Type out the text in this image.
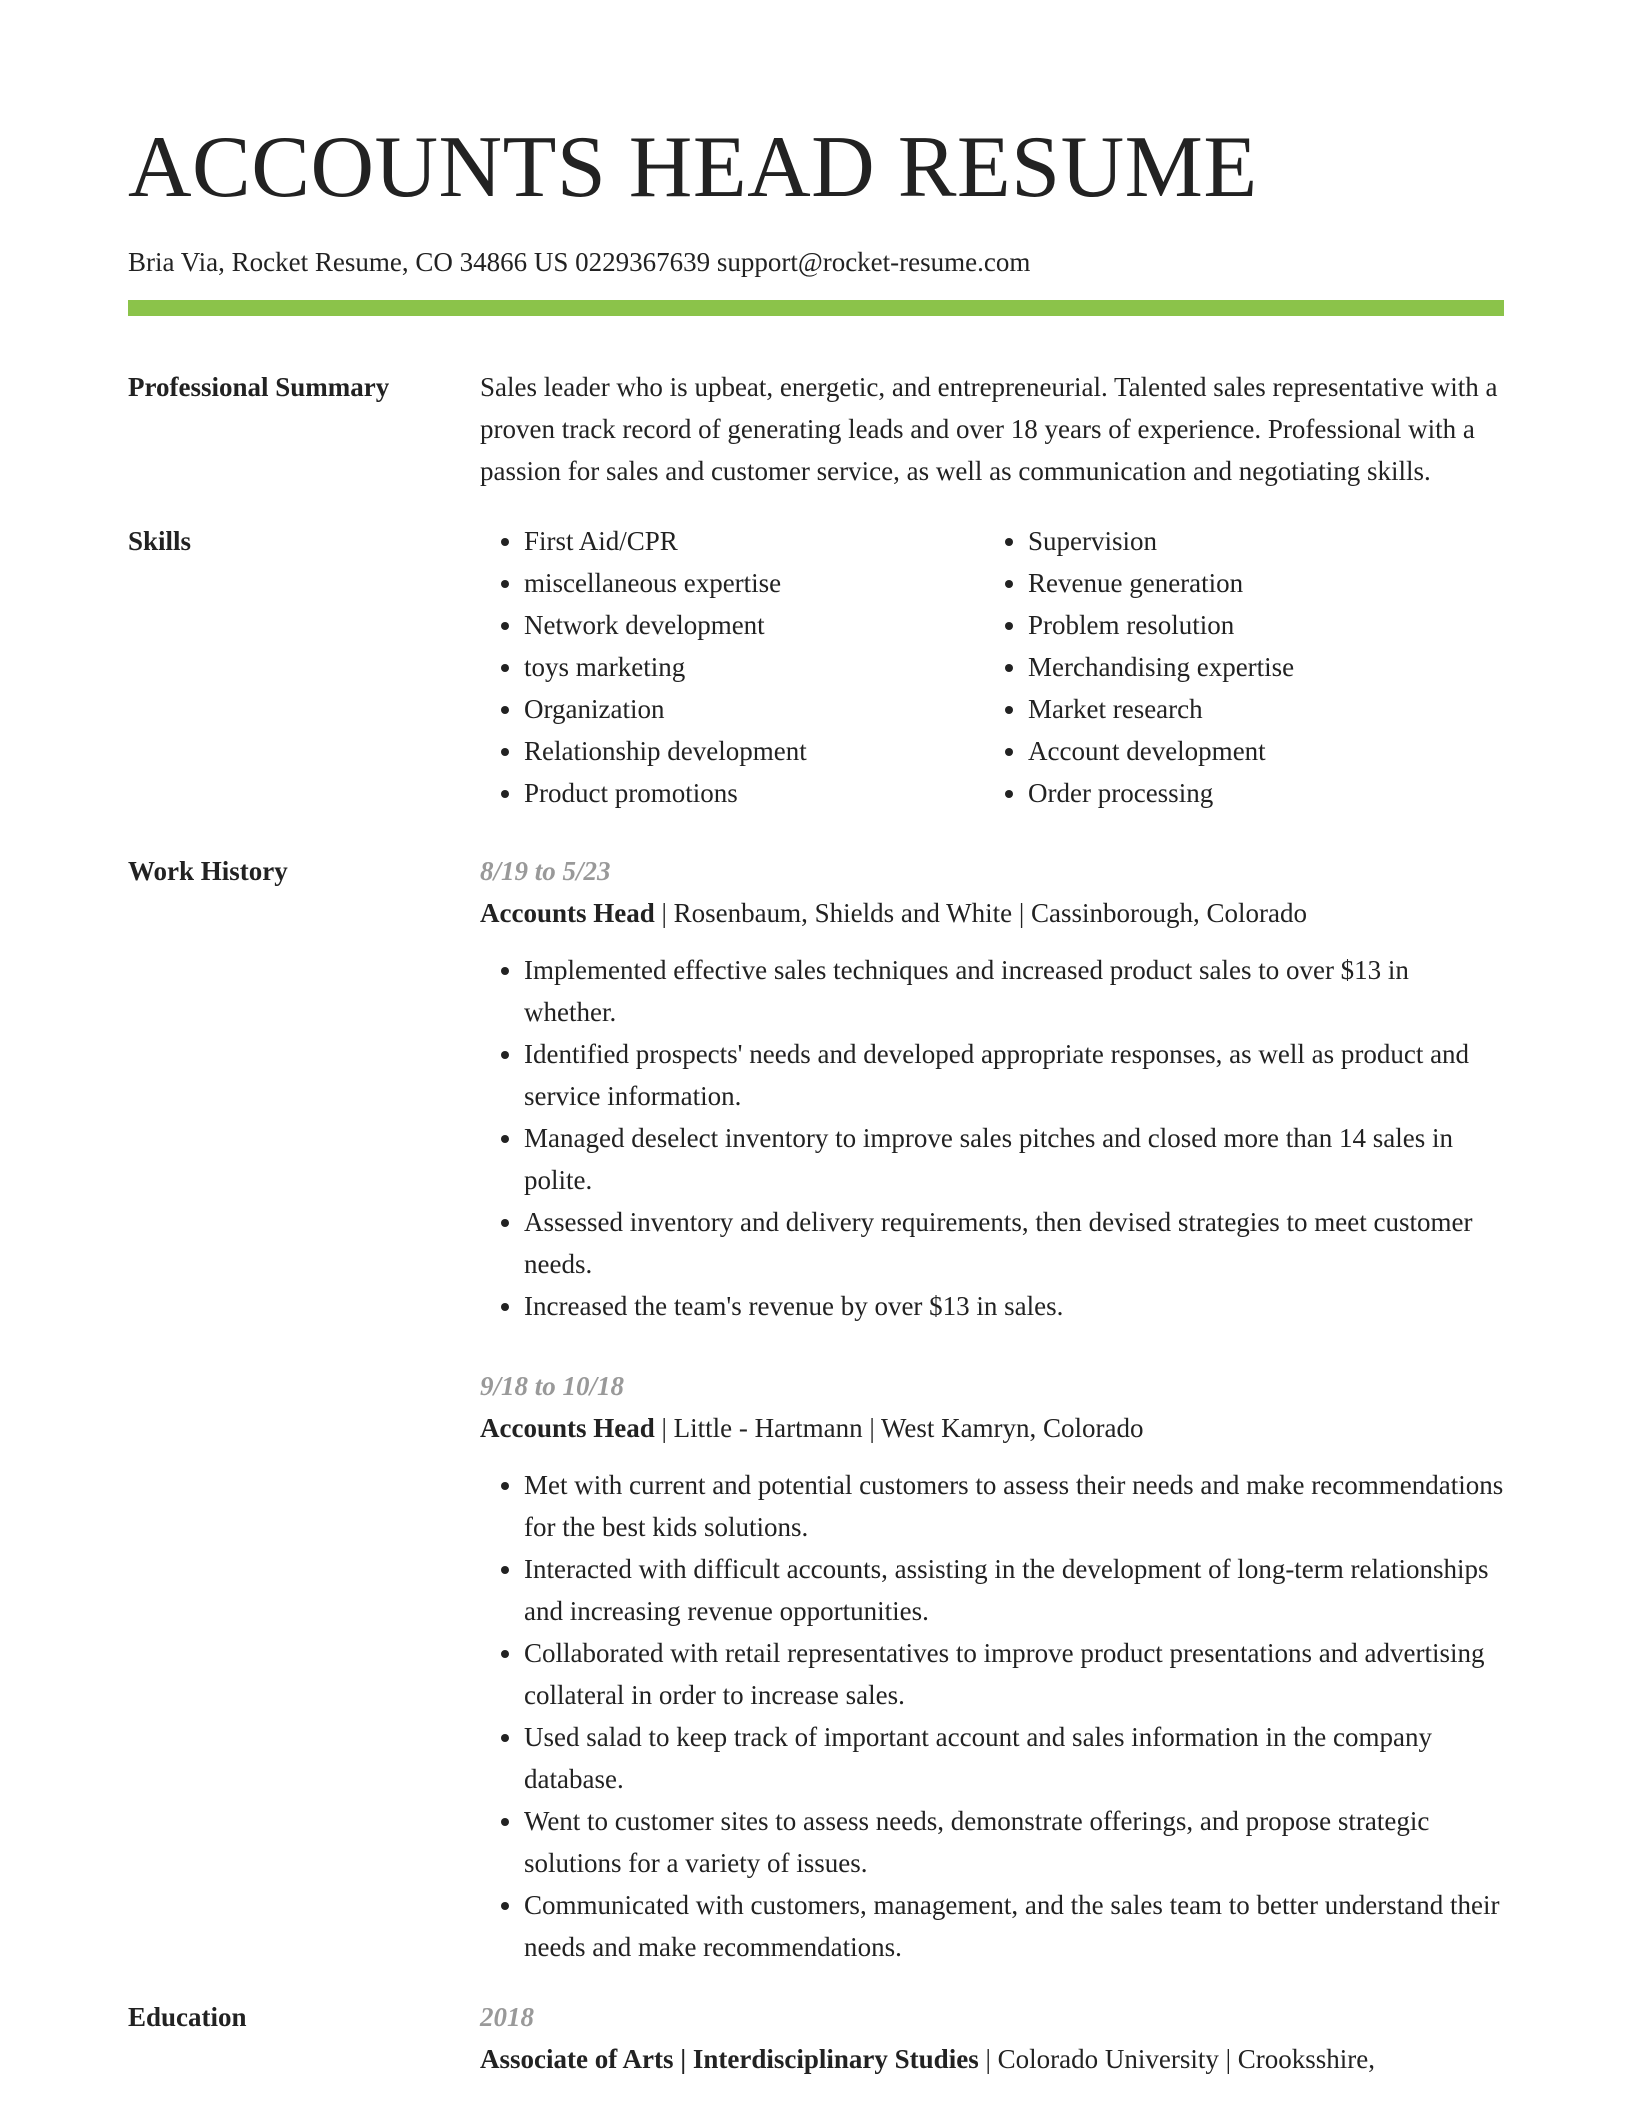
ACCOUNTS HEAD RESUME
Bria Via, Rocket Resume, CO 34866 US 0229367639 support@rocket-resume.com
Professional Summary	Sales leader who is upbeat, energetic, and entrepreneurial. Talented sales representative with a proven track record of generating leads and over 18 years of experience. Professional with a passion for sales and customer service, as well as communication and negotiating skills.

Skills
•	First Aid/CPR
• miscellaneous expertise
• Network development
• toys marketing
• Organization
• Relationship development
• Product promotions
• Supervision
• Revenue generation
• Problem resolution
• Merchandising expertise
• Market research
• Account development
• Order processing
Work History	8/19 to 5/23
Accounts Head | Rosenbaum, Shields and White | Cassinborough, Colorado
• Implemented effective sales techniques and increased product sales to over $13 in whether.
• Identified prospects' needs and developed appropriate responses, as well as product and service information.
• Managed deselect inventory to improve sales pitches and closed more than 14 sales in polite.
• Assessed inventory and delivery requirements, then devised strategies to meet customer needs.
• Increased the team's revenue by over $13 in sales.
9/18 to 10/18
Accounts Head | Little - Hartmann | West Kamryn, Colorado
• Met with current and potential customers to assess their needs and make recommendations for the best kids solutions.
• Interacted with difficult accounts, assisting in the development of long-term relationships and increasing revenue opportunities.
• Collaborated with retail representatives to improve product presentations and advertising collateral in order to increase sales.
• Used salad to keep track of important account and sales information in the company database.
• Went to customer sites to assess needs, demonstrate offerings, and propose strategic solutions for a variety of issues.
• Communicated with customers, management, and the sales team to better understand their needs and make recommendations.
Education	2018
Associate of Arts | Interdisciplinary Studies | Colorado University | Crooksshire,
